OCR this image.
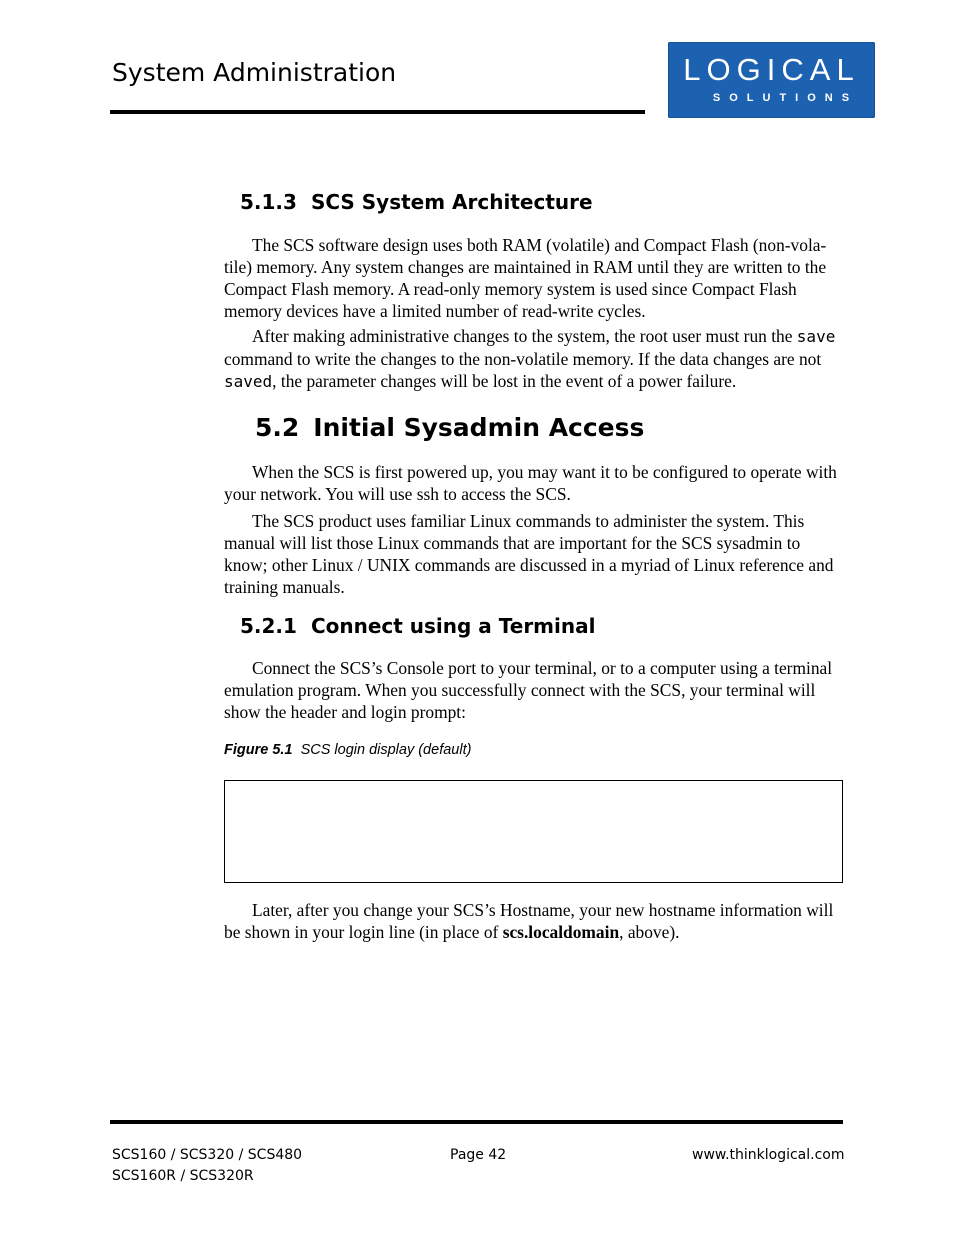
System Administration	LOGICAL
SOLUTIONS
5.1.3 SCS System Architecture
The SCS software design uses both RAM (volatile) and Compact Flash (non-vola-tile) memory. Any system changes are maintained in RAM until they are written to the Compact Flash memory. A read-only memory system is used since Compact Flash memory devices have a limited number of read-write cycles.
After making administrative changes to the system, the root user must run the save command to write the changes to the non-volatile memory. If the data changes are not saved, the parameter changes will be lost in the event of a power failure.
5.2 Initial Sysadmin Access
When the SCS is first powered up, you may want it to be configured to operate with your network. You will use ssh to access the SCS.
The SCS product uses familiar Linux commands to administer the system. This manual will list those Linux commands that are important for the SCS sysadmin to know; other Linux / UNIX commands are discussed in a myriad of Linux reference and training manuals.
5.2.1 Connect using a Terminal
Connect the SCS’s Console port to your terminal, or to a computer using a terminal emulation program. When you successfully connect with the SCS, your terminal will show the header and login prompt:
Figure 5.1 SCS login display (default)
Later, after you change your SCS’s Hostname, your new hostname information will be shown in your login line (in place of scs.localdomain, above).
SCS160 / SCS320 / SCS480
SCS160R / SCS320R
Page 42	www.thinklogical.com
